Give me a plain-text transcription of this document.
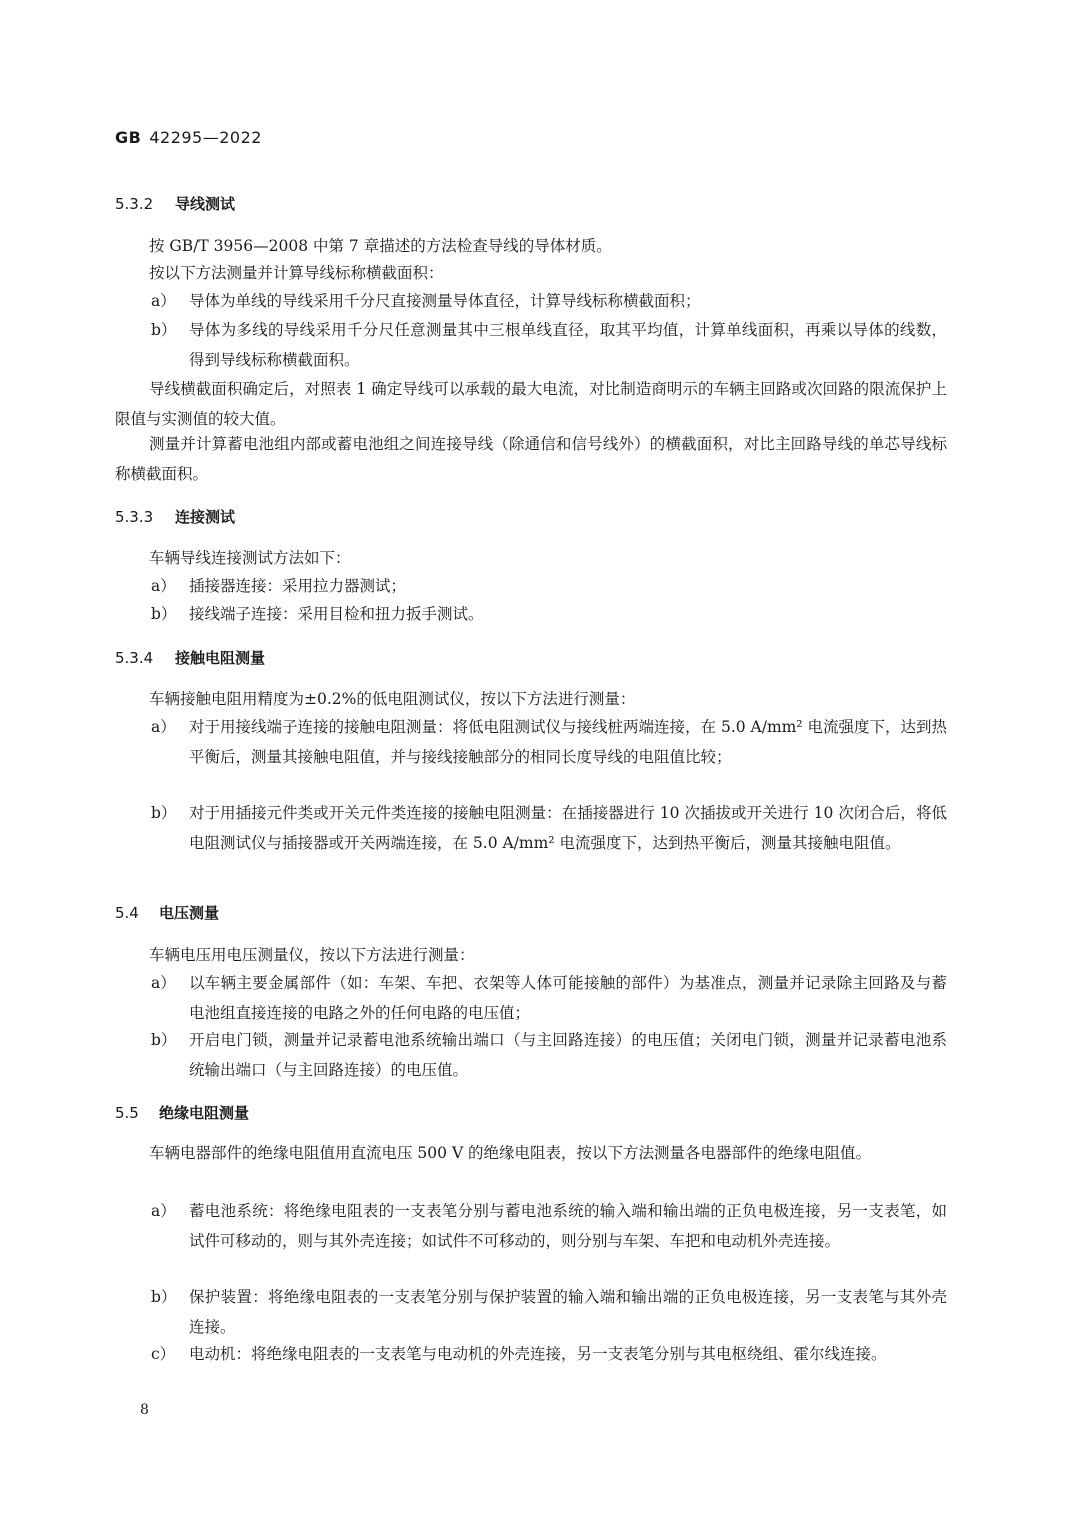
GB 42295—2022
5.3.2 导线测试

按 GB/T 3956—2008 中第 7 章描述的方法检查导线的导体材质。

按以下方法测量并计算导线标称横截面积：

a） 导体为单线的导线采用千分尺直接测量导体直径，计算导线标称横截面积；
b） 导体为多线的导线采用千分尺任意测量其中三根单线直径，取其平均值，计算单线面积，再乘以导体的线数，得到导线标称横截面积。

导线横截面积确定后，对照表 1 确定导线可以承载的最大电流，对比制造商明示的车辆主回路或次回路的限流保护上限值与实测值的较大值。

测量并计算蓄电池组内部或蓄电池组之间连接导线（除通信和信号线外）的横截面积，对比主回路导线的单芯导线标称横截面积。

5.3.3 连接测试

车辆导线连接测试方法如下：

a） 插接器连接：采用拉力器测试；
b） 接线端子连接：采用目检和扭力扳手测试。
5.3.4 接触电阻测量

车辆接触电阻用精度为±0.2%的低电阻测试仪，按以下方法进行测量：

a） 对于用接线端子连接的接触电阻测量：将低电阻测试仪与接线桩两端连接，在 5.0 A/mm² 电流强度下，达到热平衡后，测量其接触电阻值，并与接线接触部分的相同长度导线的电阻值比较；
b） 对于用插接元件类或开关元件类连接的接触电阻测量：在插接器进行 10 次插拔或开关进行 10 次闭合后，将低电阻测试仪与插接器或开关两端连接，在 5.0 A/mm² 电流强度下，达到热平衡后，测量其接触电阻值。
5.4 电压测量

车辆电压用电压测量仪，按以下方法进行测量：

a） 以车辆主要金属部件（如：车架、车把、衣架等人体可能接触的部件）为基准点，测量并记录除主回路及与蓄电池组直接连接的电路之外的任何电路的电压值；
b） 开启电门锁，测量并记录蓄电池系统输出端口（与主回路连接）的电压值；关闭电门锁，测量并记录蓄电池系统输出端口（与主回路连接）的电压值。
5.5 绝缘电阻测量

车辆电器部件的绝缘电阻值用直流电压 500 V 的绝缘电阻表，按以下方法测量各电器部件的绝缘电阻值。

a） 蓄电池系统：将绝缘电阻表的一支表笔分别与蓄电池系统的输入端和输出端的正负电极连接，另一支表笔，如试件可移动的，则与其外壳连接；如试件不可移动的，则分别与车架、车把和电动机外壳连接。
b） 保护装置：将绝缘电阻表的一支表笔分别与保护装置的输入端和输出端的正负电极连接，另一支表笔与其外壳连接。
c） 电动机：将绝缘电阻表的一支表笔与电动机的外壳连接，另一支表笔分别与其电枢绕组、霍尔线连接。
8
